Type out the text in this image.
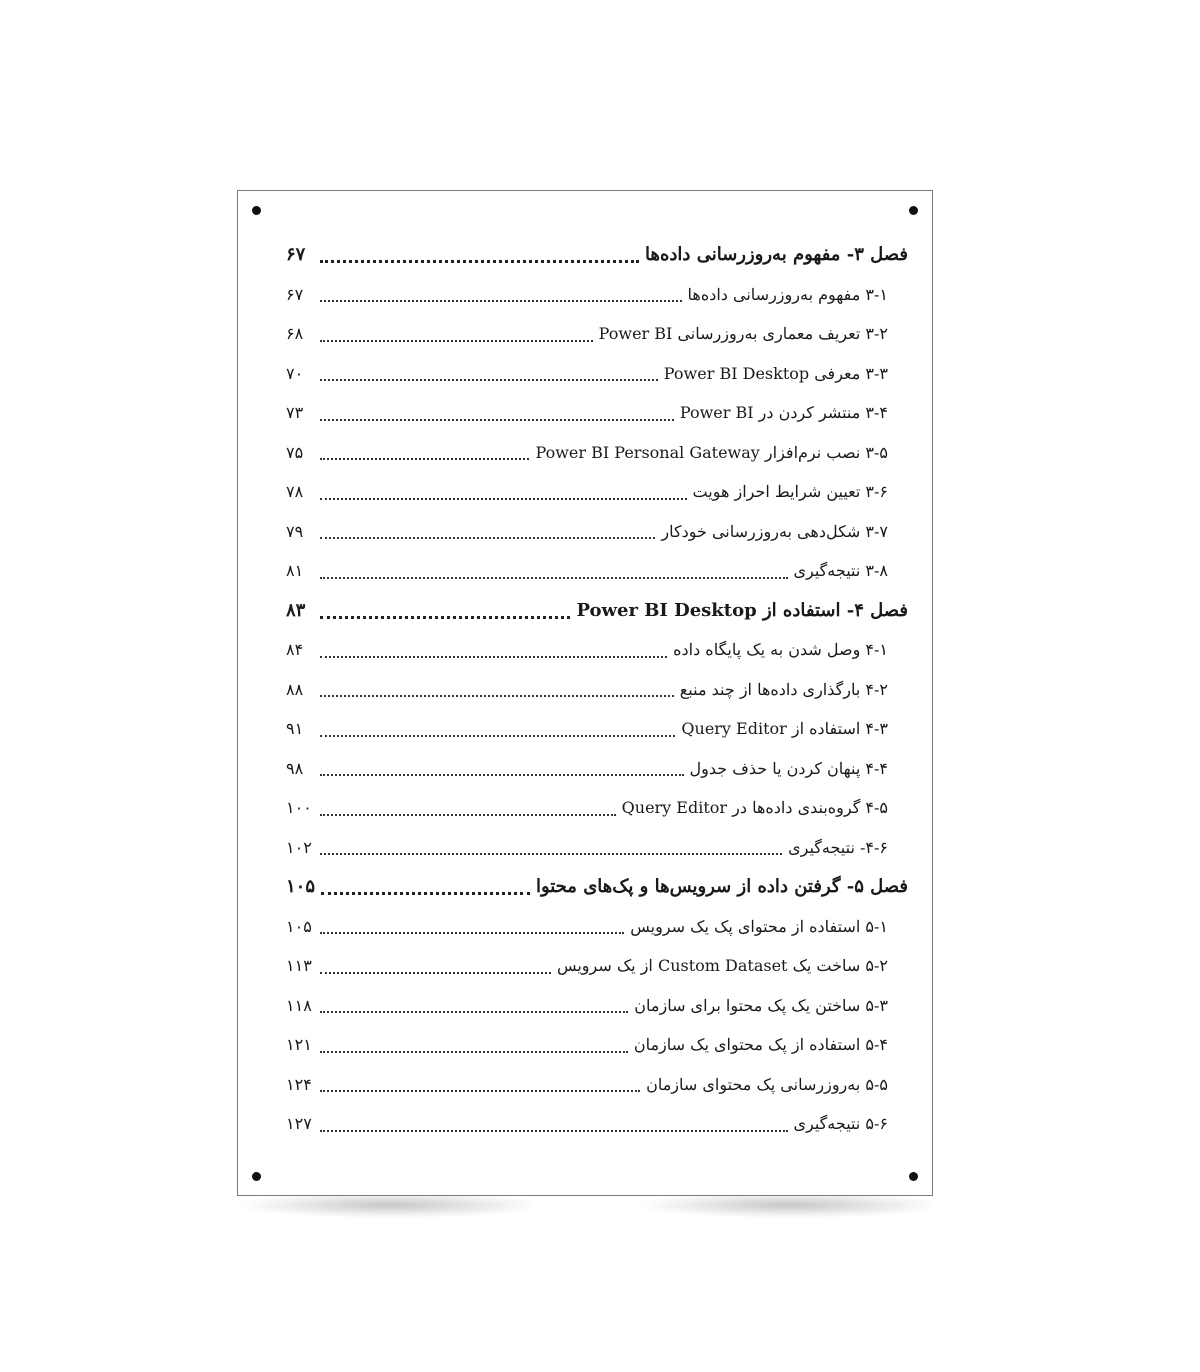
فصل ۳- مفهوم به‌روزرسانی داده‌ها
۶۷
۳-۱ مفهوم به‌روزرسانی داده‌ها
۶۷
۳-۲ تعریف معماری به‌روزرسانی Power BI
۶۸
۳-۳ معرفی Power BI Desktop
۷۰
۳-۴ منتشر کردن در Power BI
۷۳
۳-۵ نصب نرم‌افزار Power BI Personal Gateway
۷۵
۳-۶ تعیین شرایط احراز هویت
۷۸
۳-۷ شکل‌دهی به‌روزرسانی خودکار
۷۹
۳-۸ نتیجه‌گیری
۸۱
فصل ۴- استفاده از Power BI Desktop
۸۳
۴-۱ وصل شدن به یک پایگاه داده
۸۴
۴-۲ بارگذاری داده‌ها از چند منبع
۸۸
۴-۳ استفاده از Query Editor
۹۱
۴-۴ پنهان کردن یا حذف جدول
۹۸
۴-۵ گروه‌بندی داده‌ها در Query Editor
۱۰۰
۴-۶- نتیجه‌گیری
۱۰۲
فصل ۵- گرفتن داده از سرویس‌ها و پک‌های محتوا
۱۰۵
۵-۱ استفاده از محتوای پک یک سرویس
۱۰۵
۵-۲ ساخت یک Custom Dataset از یک سرویس
۱۱۳
۵-۳ ساختن یک پک محتوا برای سازمان
۱۱۸
۵-۴ استفاده از پک محتوای یک سازمان
۱۲۱
۵-۵ به‌روزرسانی پک محتوای سازمان
۱۲۴
۵-۶ نتیجه‌گیری
۱۲۷
